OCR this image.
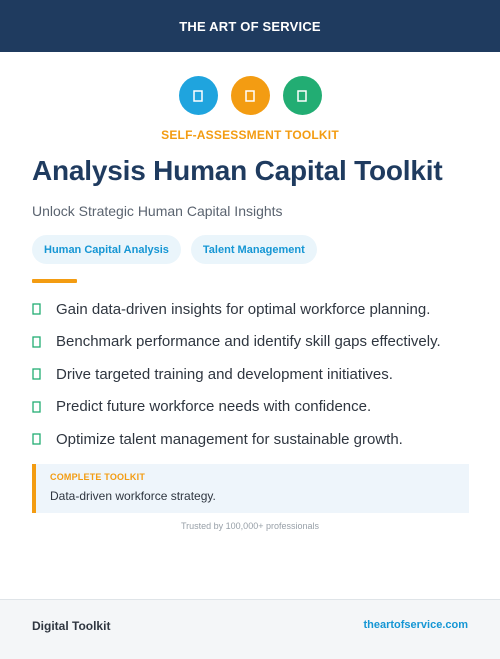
THE ART OF SERVICE
SELF-ASSESSMENT TOOLKIT
Analysis Human Capital Toolkit
Unlock Strategic Human Capital Insights
Human Capital Analysis	Talent Management
Gain data-driven insights for optimal workforce planning.
Benchmark performance and identify skill gaps effectively.
Drive targeted training and development initiatives.
Predict future workforce needs with confidence.
Optimize talent management for sustainable growth.
COMPLETE TOOLKIT
Data-driven workforce strategy.
Trusted by 100,000+ professionals
Digital Toolkit	theartofservice.com
